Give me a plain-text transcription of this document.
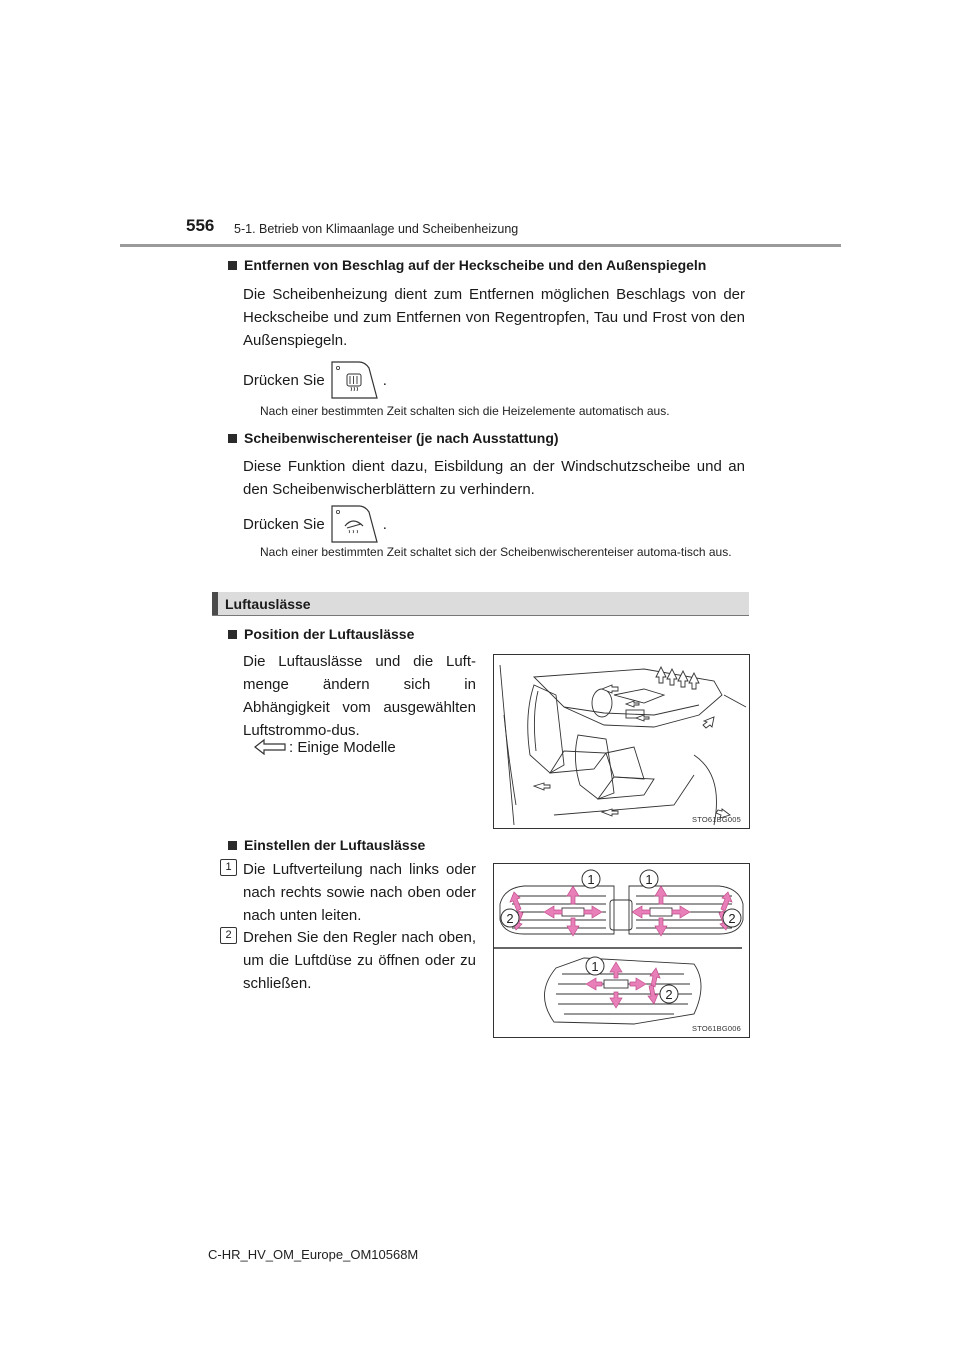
556 5-1. Betrieb von Klimaanlage und Scheibenheizung
Entfernen von Beschlag auf der Heckscheibe und den Außenspiegeln
Die Scheibenheizung dient zum Entfernen möglichen Beschlags von der Heckscheibe und zum Entfernen von Regentropfen, Tau und Frost von den Außenspiegeln.
Drücken Sie	.
Nach einer bestimmten Zeit schalten sich die Heizelemente automatisch aus.
Scheibenwischerenteiser (je nach Ausstattung)
Diese Funktion dient dazu, Eisbildung an der Windschutzscheibe und an den Scheibenwischerblättern zu verhindern.
Drücken Sie	.
Nach einer bestimmten Zeit schaltet sich der Scheibenwischerenteiser automa-tisch aus.
Luftauslässe
Position der Luftauslässe
Die Luftauslässe und die Luft-menge ändern sich in Abhängigkeit vom ausgewählten Luftstrommo-dus.
: Einige Modelle
STO61BG005
Einstellen der Luftauslässe
1 Die Luftverteilung nach links oder nach rechts sowie nach oben oder nach unten leiten.
2 Drehen Sie den Regler nach oben, um die Luftdüse zu öffnen oder zu schließen.
1	1
2	2
1
2
STO61BG006
C-HR_HV_OM_Europe_OM10568M
